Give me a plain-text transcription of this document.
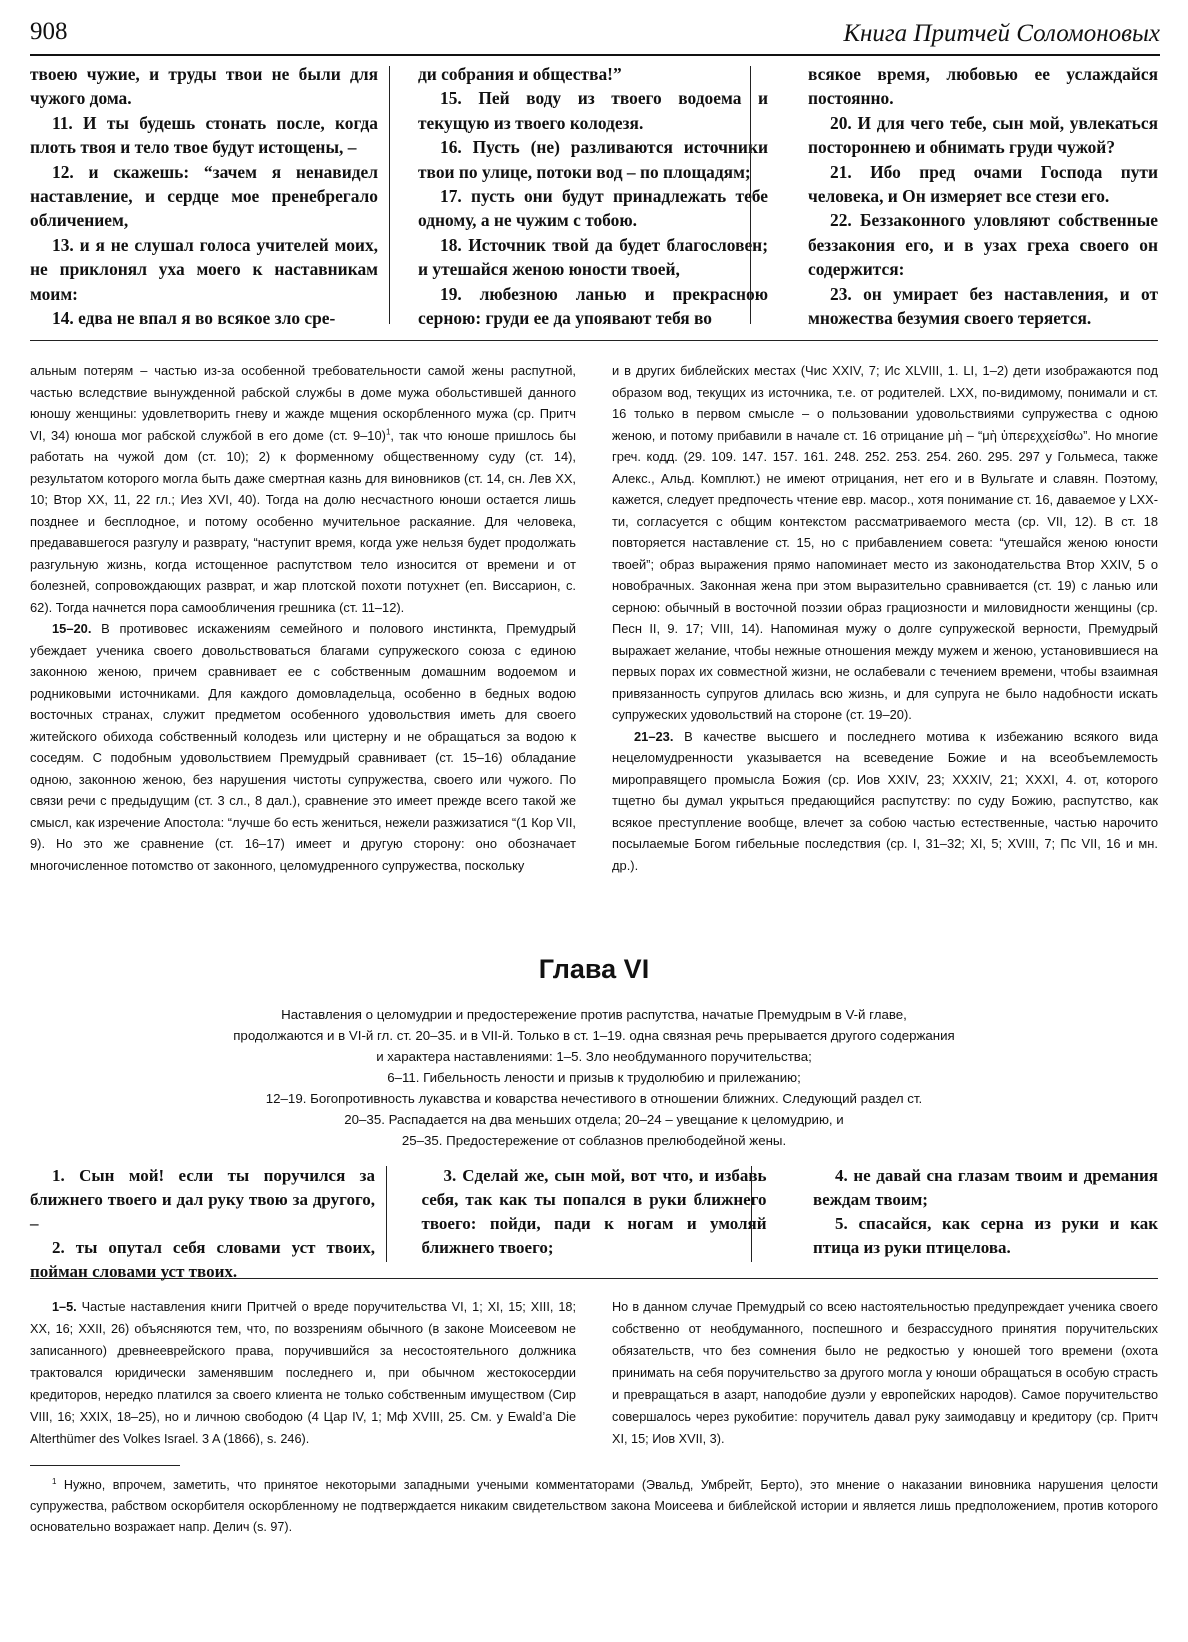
908	Книга Притчей Соломоновых

твоею чужие, и труды твои не были для чужого дома.

11. И ты будешь стонать после, когда плоть твоя и тело твое будут истощены, –

12. и скажешь: “зачем я ненавидел наставление, и сердце мое пренебрегало обличением,

13. и я не слушал голоса учителей моих, не приклонял уха моего к наставникам моим:

14. едва не впал я во всякое зло сре-

ди собрания и общества!”

15. Пей воду из твоего водоема и текущую из твоего колодезя.

16. Пусть (не) разливаются источники твои по улице, потоки вод – по площадям;

17. пусть они будут принадлежать тебе одному, а не чужим с тобою.

18. Источник твой да будет благословен; и утешайся женою юности твоей,

19. любезною ланью и прекрасною серною: груди ее да упоявают тебя во

всякое время, любовью ее услаждайся постоянно.

20. И для чего тебе, сын мой, увлекаться постороннею и обнимать груди чужой?

21. Ибо пред очами Господа пути человека, и Он измеряет все стези его.

22. Беззаконного уловляют собственные беззакония его, и в узах греха своего он содержится:

23. он умирает без наставления, и от множества безумия своего теряется.

альным потерям – частью из-за особенной требовательности самой жены распутной, частью вследствие вынужденной рабской службы в доме мужа обольстившей данного юношу женщины: удовлетворить гневу и жажде мщения оскорбленного мужа (ср. Притч VI, 34) юноша мог рабской службой в его доме (ст. 9–10)$^1$, так что юноше пришлось бы работать на чужой дом (ст. 10); 2) к форменному общественному суду (ст. 14), результатом которого могла быть даже смертная казнь для виновников (ст. 14, сн. Лев XX, 10; Втор XX, 11, 22 гл.; Иез XVI, 40). Тогда на долю несчастного юноши остается лишь позднее и бесплодное, и потому особенно мучительное раскаяние. Для человека, предававшегося разгулу и разврату, “наступит время, когда уже нельзя будет продолжать разгульную жизнь, когда истощенное распутством тело износится от времени и от болезней, сопровождающих разврат, и жар плотской похоти потухнет (еп. Виссарион, с. 62). Тогда начнется пора самообличения грешника (ст. 11–12).

15–20. В противовес искажениям семейного и полового инстинкта, Премудрый убеждает ученика своего довольствоваться благами супружеского союза с единою законною женою, причем сравнивает ее с собственным домашним водоемом и родниковыми источниками. Для каждого домовладельца, особенно в бедных водою восточных странах, служит предметом особенного удовольствия иметь для своего житейского обихода собственный колодезь или цистерну и не обращаться за водою к соседям. С подобным удовольствием Премудрый сравнивает (ст. 15–16) обладание одною, законною женою, без нарушения чистоты супружества, своего или чужого. По связи речи с предыдущим (ст. 3 сл., 8 дал.), сравнение это имеет прежде всего такой же смысл, как изречение Апостола: “лучше бо есть жениться, нежели разжизатися “(1 Кор VII, 9). Но это же сравнение (ст. 16–17) имеет и другую сторону: оно обозначает многочисленное потомство от законного, целомудренного супружества, поскольку

и в других библейских местах (Чис XXIV, 7; Ис XLVIII, 1. LI, 1–2) дети изображаются под образом вод, текущих из источника, т.е. от родителей. LXX, по-видимому, понимали и ст. 16 только в первом смысле – о пользовании удовольствиями супружества с одною женою, и потому прибавили в начале ст. 16 отрицание μὴ – “μὴ ὑπερεχχείσθω”. Но многие греч. кодд. (29. 109. 147. 157. 161. 248. 252. 253. 254. 260. 295. 297 у Гольмеса, также Алекс., Альд. Комплют.) не имеют отрицания, нет его и в Вульгате и славян. Поэтому, кажется, следует предпочесть чтение евр. масор., хотя понимание ст. 16, даваемое у LXX-ти, согласуется с общим контекстом рассматриваемого места (ср. VII, 12). В ст. 18 повторяется наставление ст. 15, но с прибавлением совета: “утешайся женою юности твоей”; образ выражения прямо напоминает место из законодательства Втор XXIV, 5 о новобрачных. Законная жена при этом выразительно сравнивается (ст. 19) с ланью или серною: обычный в восточной поэзии образ грациозности и миловидности женщины (ср. Песн II, 9. 17; VIII, 14). Напоминая мужу о долге супружеской верности, Премудрый выражает желание, чтобы нежные отношения между мужем и женою, установившиеся на первых порах их совместной жизни, не ослабевали с течением времени, чтобы взаимная привязанность супругов длилась всю жизнь, и для супруга не было надобности искать супружеских удовольствий на стороне (ст. 19–20).

21–23. В качестве высшего и последнего мотива к избежанию всякого вида нецеломудренности указывается на всеведение Божие и на всеобъемлемость мироправящего промысла Божия (ср. Иов XXIV, 23; XXXIV, 21; XXXI, 4. от, которого тщетно бы думал укрыться предающийся распутству: по суду Божию, распутство, как всякое преступление вообще, влечет за собою частью естественные, частью нарочито посылаемые Богом гибельные последствия (ср. I, 31–32; XI, 5; XVIII, 7; Пс VII, 16 и мн. др.).

Глава VI
Наставления о целомудрии и предостережение против распутства, начатые Премудрым в V-й главе,
продолжаются и в VI-й гл. ст. 20–35. и в VII-й. Только в ст. 1–19. одна связная речь прерывается другого содержания
и характера наставлениями: 1–5. Зло необдуманного поручительства;
6–11. Гибельность лености и призыв к трудолюбию и прилежанию;
12–19. Богопротивность лукавства и коварства нечестивого в отношении ближних. Следующий раздел ст.
20–35. Распадается на два меньших отдела; 20–24 – увещание к целомудрию, и
25–35. Предостережение от соблазнов прелюбодейной жены.

1. Сын мой! если ты поручился за ближнего твоего и дал руку твою за другого, –

2. ты опутал себя словами уст твоих, пойман словами уст твоих.

3. Сделай же, сын мой, вот что, и избавь себя, так как ты попался в руки ближнего твоего: пойди, пади к ногам и умоляй ближнего твоего;

4. не давай сна глазам твоим и дремания веждам твоим;

5. спасайся, как серна из руки и как птица из руки птицелова.

1–5. Частые наставления книги Притчей о вреде поручительства VI, 1; XI, 15; XIII, 18; XX, 16; XXII, 26) объясняются тем, что, по воззрениям обычного (в законе Моисеевом не записанного) древнееврейского права, поручившийся за несостоятельного должника трактовался юридически заменявшим последнего и, при обычном жестокосердии кредиторов, нередко платился за своего клиента не только собственным имуществом (Сир VIII, 16; XXIX, 18–25), но и личною свободою (4 Цар IV, 1; Мф XVIII, 25. См. у Ewald’a Die Alterthümer des Volkes Israel. 3 A (1866), s. 246).

Но в данном случае Премудрый со всею настоятельностью предупреждает ученика своего собственно от необдуманного, поспешного и безрассудного принятия поручительских обязательств, что без сомнения было не редкостью у юношей того времени (охота принимать на себя поручительство за другого могла у юноши обращаться в особую страсть и превращаться в азарт, наподобие дуэли у европейских народов). Самое поручительство совершалось через рукобитие: поручитель давал руку заимодавцу и кредитору (ср. Притч XI, 15; Иов XVII, 3).

$^1$ Нужно, впрочем, заметить, что принятое некоторыми западными учеными комментаторами (Эвальд, Умбрейт, Берто), это мнение о наказании виновника нарушения целости супружества, рабством оскорбителя оскорбленному не подтверждается никаким свидетельством закона Моисеева и библейской истории и является лишь предположением, против которого основательно возражает напр. Делич (s. 97).
